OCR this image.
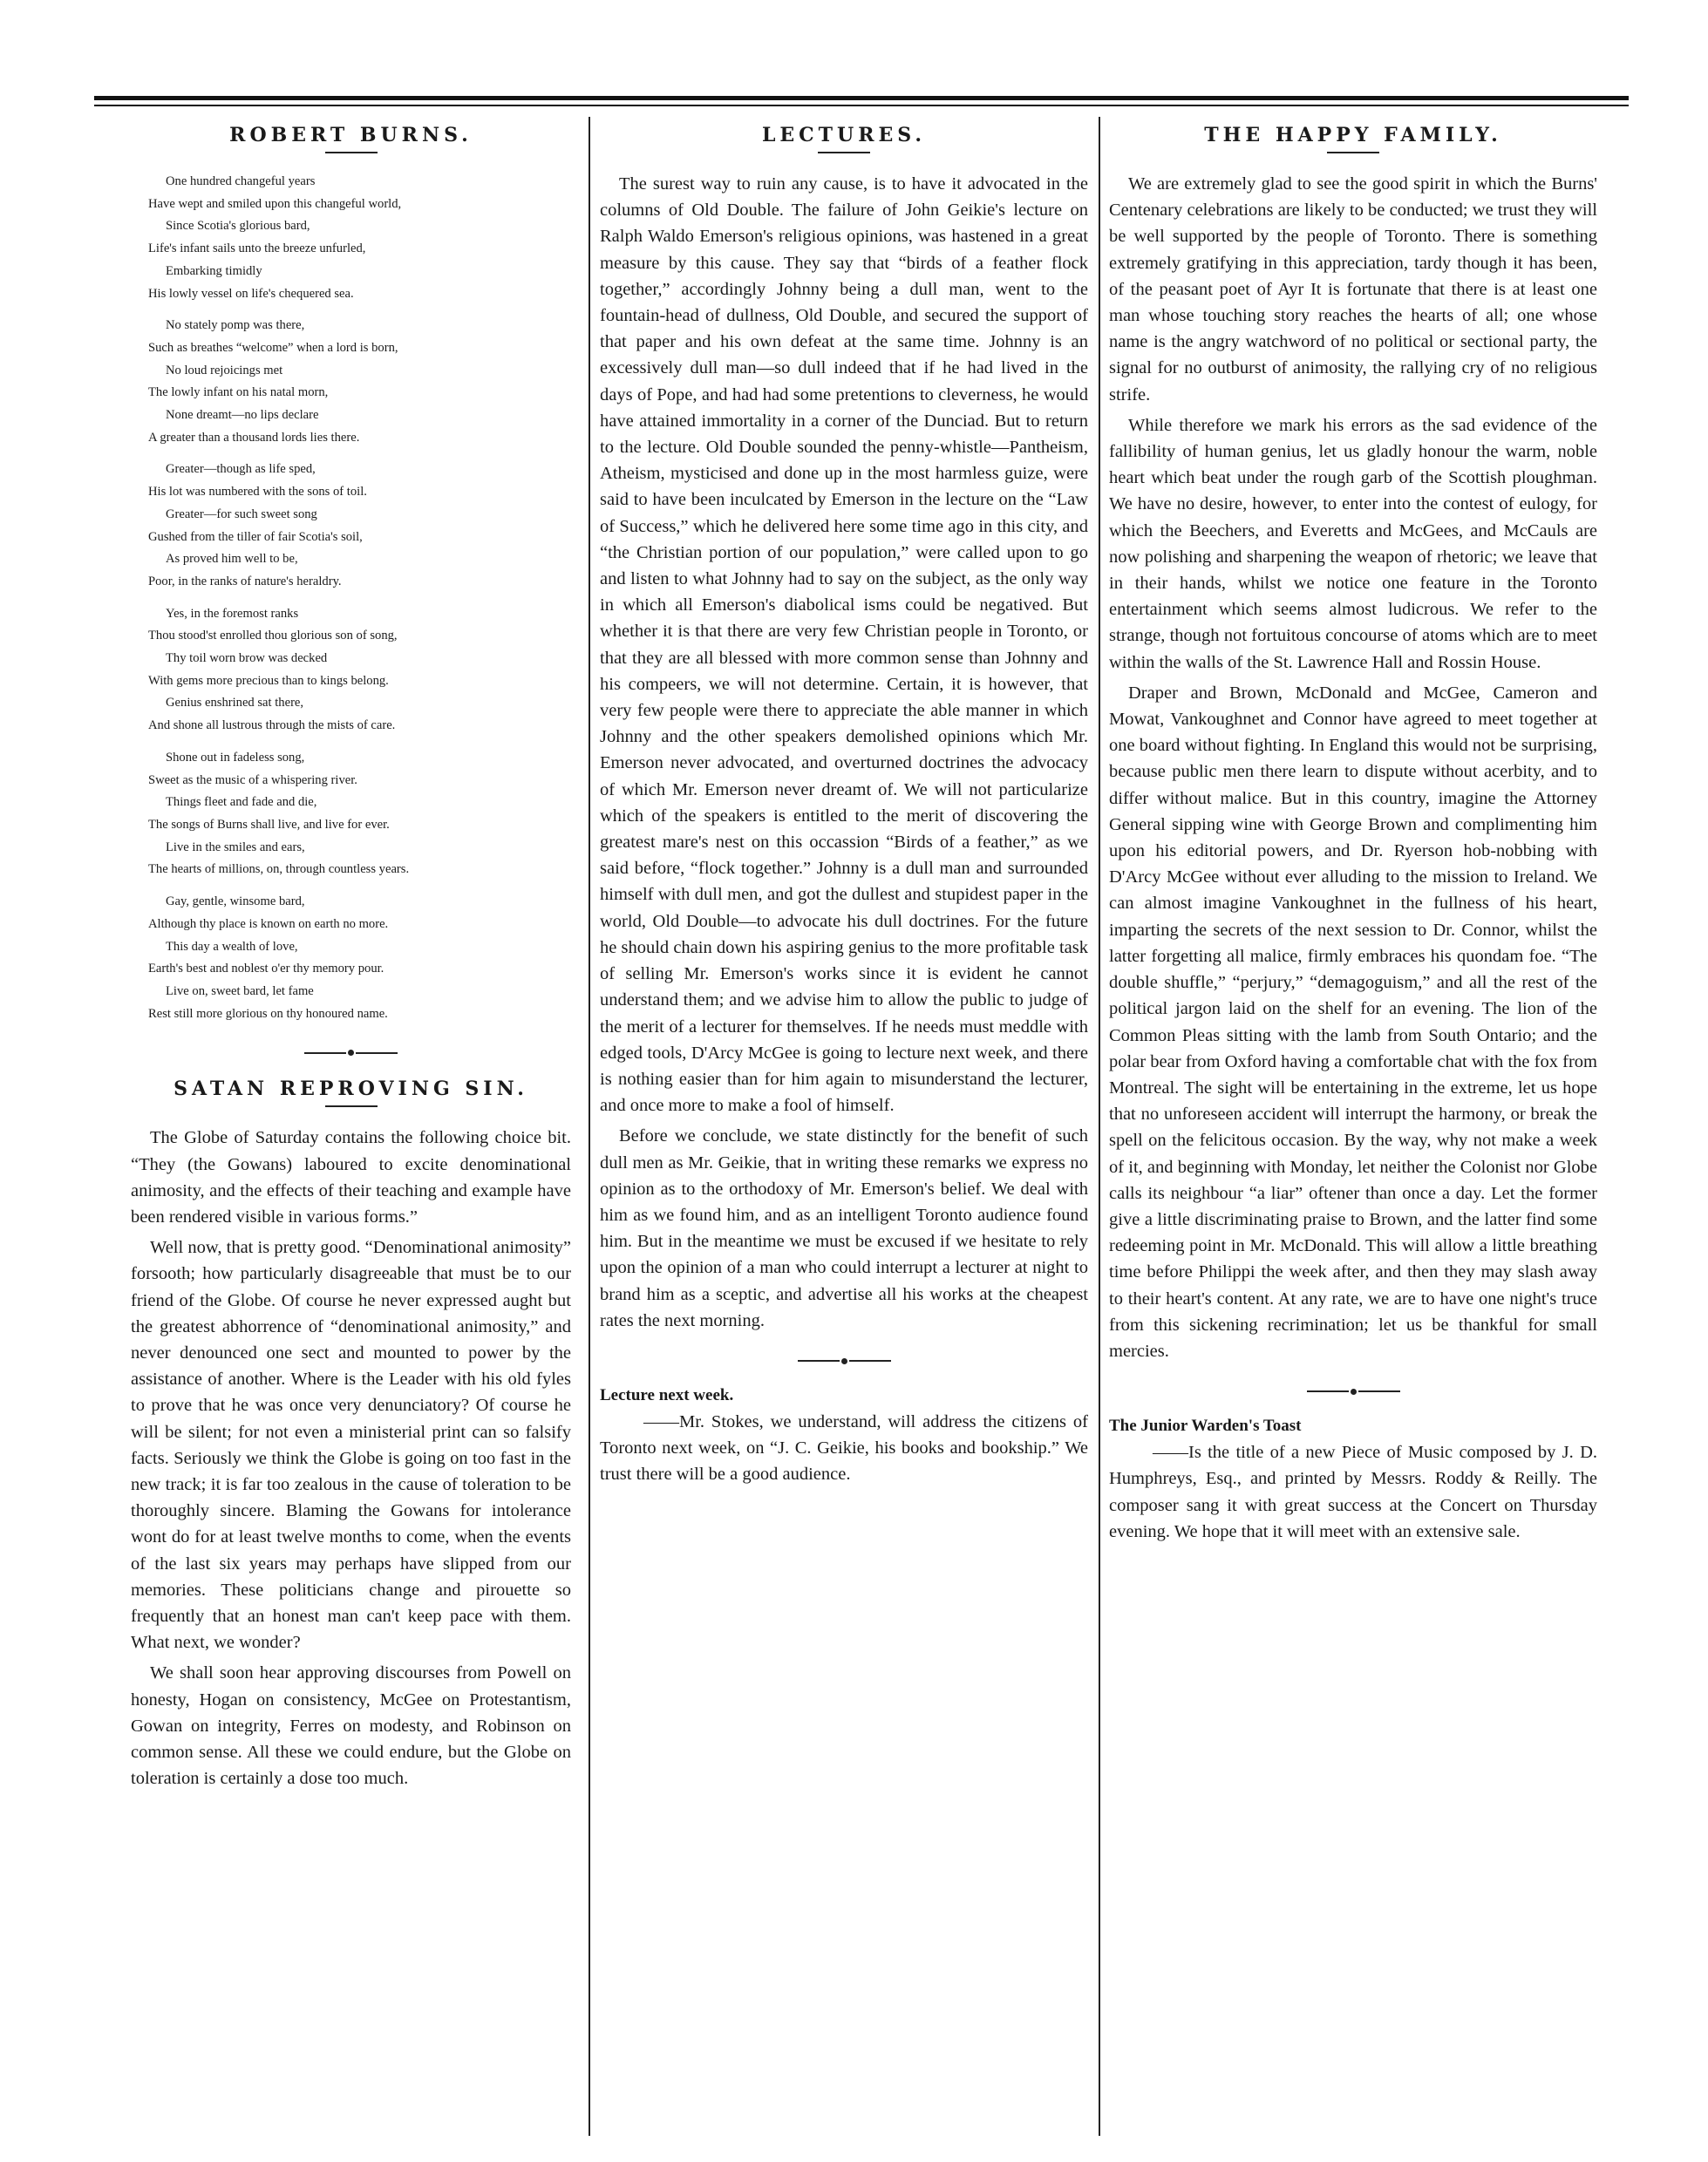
ROBERT BURNS.
One hundred changeful years
Have wept and smiled upon this changeful world,
Since Scotia's glorious bard,
Life's infant sails unto the breeze unfurled,
Embarking timidly
His lowly vessel on life's chequered sea.
No stately pomp was there,
Such as breathes “welcome” when a lord is born,
No loud rejoicings met
The lowly infant on his natal morn,
None dreamt—no lips declare
A greater than a thousand lords lies there.
Greater—though as life sped,
His lot was numbered with the sons of toil.
Greater—for such sweet song
Gushed from the tiller of fair Scotia's soil,
As proved him well to be,
Poor, in the ranks of nature's heraldry.
Yes, in the foremost ranks
Thou stood'st enrolled thou glorious son of song,
Thy toil worn brow was decked
With gems more precious than to kings belong.
Genius enshrined sat there,
And shone all lustrous through the mists of care.
Shone out in fadeless song,
Sweet as the music of a whispering river.
Things fleet and fade and die,
The songs of Burns shall live, and live for ever.
Live in the smiles and ears,
The hearts of millions, on, through countless years.
Gay, gentle, winsome bard,
Although thy place is known on earth no more.
This day a wealth of love,
Earth's best and noblest o'er thy memory pour.
Live on, sweet bard, let fame
Rest still more glorious on thy honoured name.
SATAN REPROVING SIN.

The Globe of Saturday contains the following choice bit. “They (the Gowans) laboured to excite denominational animosity, and the effects of their teaching and example have been rendered visible in various forms.”

Well now, that is pretty good. “Denominational animosity” forsooth; how particularly disagreeable that must be to our friend of the Globe. Of course he never expressed aught but the greatest abhorrence of “denominational animosity,” and never denounced one sect and mounted to power by the assistance of another. Where is the Leader with his old fyles to prove that he was once very denunciatory? Of course he will be silent; for not even a ministerial print can so falsify facts. Seriously we think the Globe is going on too fast in the new track; it is far too zealous in the cause of toleration to be thoroughly sincere. Blaming the Gowans for intolerance wont do for at least twelve months to come, when the events of the last six years may perhaps have slipped from our memories. These politicians change and pirouette so frequently that an honest man can't keep pace with them. What next, we wonder?

We shall soon hear approving discourses from Powell on honesty, Hogan on consistency, McGee on Protestantism, Gowan on integrity, Ferres on modesty, and Robinson on common sense. All these we could endure, but the Globe on toleration is certainly a dose too much.

LECTURES.

The surest way to ruin any cause, is to have it advocated in the columns of Old Double. The failure of John Geikie's lecture on Ralph Waldo Emerson's religious opinions, was hastened in a great measure by this cause. They say that “birds of a feather flock together,” accordingly Johnny being a dull man, went to the fountain-head of dullness, Old Double, and secured the support of that paper and his own defeat at the same time. Johnny is an excessively dull man—so dull indeed that if he had lived in the days of Pope, and had had some pretentions to cleverness, he would have attained immortality in a corner of the Dunciad. But to return to the lecture. Old Double sounded the penny-whistle—Pantheism, Atheism, mysticised and done up in the most harmless guize, were said to have been inculcated by Emerson in the lecture on the “Law of Success,” which he delivered here some time ago in this city, and “the Christian portion of our population,” were called upon to go and listen to what Johnny had to say on the subject, as the only way in which all Emerson's diabolical isms could be negatived. But whether it is that there are very few Christian people in Toronto, or that they are all blessed with more common sense than Johnny and his compeers, we will not determine. Certain, it is however, that very few people were there to appreciate the able manner in which Johnny and the other speakers demolished opinions which Mr. Emerson never advocated, and overturned doctrines the advocacy of which Mr. Emerson never dreamt of. We will not particularize which of the speakers is entitled to the merit of discovering the greatest mare's nest on this occassion “Birds of a feather,” as we said before, “flock together.” Johnny is a dull man and surrounded himself with dull men, and got the dullest and stupidest paper in the world, Old Double—to advocate his dull doctrines. For the future he should chain down his aspiring genius to the more profitable task of selling Mr. Emerson's works since it is evident he cannot understand them; and we advise him to allow the public to judge of the merit of a lecturer for themselves. If he needs must meddle with edged tools, D'Arcy McGee is going to lecture next week, and there is nothing easier than for him again to misunderstand the lecturer, and once more to make a fool of himself.

Before we conclude, we state distinctly for the benefit of such dull men as Mr. Geikie, that in writing these remarks we express no opinion as to the orthodoxy of Mr. Emerson's belief. We deal with him as we found him, and as an intelligent Toronto audience found him. But in the meantime we must be excused if we hesitate to rely upon the opinion of a man who could interrupt a lecturer at night to brand him as a sceptic, and advertise all his works at the cheapest rates the next morning.

Lecture next week.

——Mr. Stokes, we understand, will address the citizens of Toronto next week, on “J. C. Geikie, his books and bookship.” We trust there will be a good audience.

THE HAPPY FAMILY.

We are extremely glad to see the good spirit in which the Burns' Centenary celebrations are likely to be conducted; we trust they will be well supported by the people of Toronto. There is something extremely gratifying in this appreciation, tardy though it has been, of the peasant poet of Ayr It is fortunate that there is at least one man whose touching story reaches the hearts of all; one whose name is the angry watchword of no political or sectional party, the signal for no outburst of animosity, the rallying cry of no religious strife.

While therefore we mark his errors as the sad evidence of the fallibility of human genius, let us gladly honour the warm, noble heart which beat under the rough garb of the Scottish ploughman. We have no desire, however, to enter into the contest of eulogy, for which the Beechers, and Everetts and McGees, and McCauls are now polishing and sharpening the weapon of rhetoric; we leave that in their hands, whilst we notice one feature in the Toronto entertainment which seems almost ludicrous. We refer to the strange, though not fortuitous concourse of atoms which are to meet within the walls of the St. Lawrence Hall and Rossin House.

Draper and Brown, McDonald and McGee, Cameron and Mowat, Vankoughnet and Connor have agreed to meet together at one board without fighting. In England this would not be surprising, because public men there learn to dispute without acerbity, and to differ without malice. But in this country, imagine the Attorney General sipping wine with George Brown and complimenting him upon his editorial powers, and Dr. Ryerson hob-nobbing with D'Arcy McGee without ever alluding to the mission to Ireland. We can almost imagine Vankoughnet in the fullness of his heart, imparting the secrets of the next session to Dr. Connor, whilst the latter forgetting all malice, firmly embraces his quondam foe. “The double shuffle,” “perjury,” “demagoguism,” and all the rest of the political jargon laid on the shelf for an evening. The lion of the Common Pleas sitting with the lamb from South Ontario; and the polar bear from Oxford having a comfortable chat with the fox from Montreal. The sight will be entertaining in the extreme, let us hope that no unforeseen accident will interrupt the harmony, or break the spell on the felicitous occasion. By the way, why not make a week of it, and beginning with Monday, let neither the Colonist nor Globe calls its neighbour “a liar” oftener than once a day. Let the former give a little discriminating praise to Brown, and the latter find some redeeming point in Mr. McDonald. This will allow a little breathing time before Philippi the week after, and then they may slash away to their heart's content. At any rate, we are to have one night's truce from this sickening recrimination; let us be thankful for small mercies.

The Junior Warden's Toast

——Is the title of a new Piece of Music composed by J. D. Humphreys, Esq., and printed by Messrs. Roddy & Reilly. The composer sang it with great success at the Concert on Thursday evening. We hope that it will meet with an extensive sale.
